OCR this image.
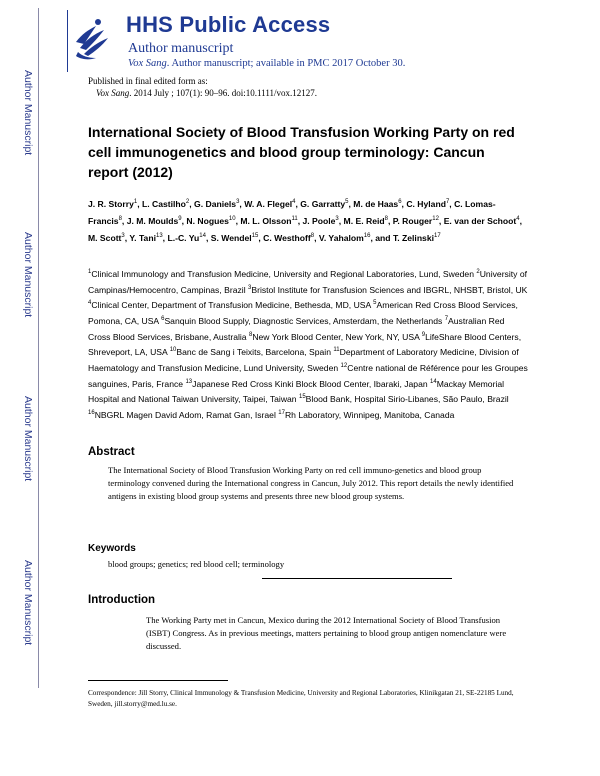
Author Manuscript
Author Manuscript
Author Manuscript
Author Manuscript
HHS Public Access
Author manuscript
Vox Sang. Author manuscript; available in PMC 2017 October 30.
Published in final edited form as:
Vox Sang. 2014 July ; 107(1): 90–96. doi:10.1111/vox.12127.
International Society of Blood Transfusion Working Party on red cell immunogenetics and blood group terminology: Cancun report (2012)
J. R. Storry$^1$, L. Castilho$^2$, G. Daniels$^3$, W. A. Flegel$^4$, G. Garratty$^5$, M. de Haas$^6$, C. Hyland$^7$, C. Lomas-Francis$^8$, J. M. Moulds$^9$, N. Nogues$^{10}$, M. L. Olsson$^{11}$, J. Poole$^3$, M. E. Reid$^8$, P. Rouger$^{12}$, E. van der Schoot$^4$, M. Scott$^3$, Y. Tani$^{13}$, L.-C. Yu$^{14}$, S. Wendel$^{15}$, C. Westhoff$^8$, V. Yahalom$^{16}$, and T. Zelinski$^{17}$
$^1$Clinical Immunology and Transfusion Medicine, University and Regional Laboratories, Lund, Sweden $^2$University of Campinas/Hemocentro, Campinas, Brazil $^3$Bristol Institute for Transfusion Sciences and IBGRL, NHSBT, Bristol, UK $^4$Clinical Center, Department of Transfusion Medicine, Bethesda, MD, USA $^5$American Red Cross Blood Services, Pomona, CA, USA $^6$Sanquin Blood Supply, Diagnostic Services, Amsterdam, the Netherlands $^7$Australian Red Cross Blood Services, Brisbane, Australia $^8$New York Blood Center, New York, NY, USA $^9$LifeShare Blood Centers, Shreveport, LA, USA $^{10}$Banc de Sang i Teixits, Barcelona, Spain $^{11}$Department of Laboratory Medicine, Division of Haematology and Transfusion Medicine, Lund University, Sweden $^{12}$Centre national de Référence pour les Groupes sanguines, Paris, France $^{13}$Japanese Red Cross Kinki Block Blood Center, Ibaraki, Japan $^{14}$Mackay Memorial Hospital and National Taiwan University, Taipei, Taiwan $^{15}$Blood Bank, Hospital Sirio-Libanes, São Paulo, Brazil $^{16}$NBGRL Magen David Adom, Ramat Gan, Israel $^{17}$Rh Laboratory, Winnipeg, Manitoba, Canada
Abstract
The International Society of Blood Transfusion Working Party on red cell immuno-genetics and blood group terminology convened during the International congress in Cancun, July 2012. This report details the newly identified antigens in existing blood group systems and presents three new blood group systems.
Keywords
blood groups; genetics; red blood cell; terminology
Introduction
The Working Party met in Cancun, Mexico during the 2012 International Society of Blood Transfusion (ISBT) Congress. As in previous meetings, matters pertaining to blood group antigen nomenclature were discussed.
Correspondence: Jill Storry, Clinical Immunology & Transfusion Medicine, University and Regional Laboratories, Klinikgatan 21, SE-22185 Lund, Sweden, jill.storry@med.lu.se.
